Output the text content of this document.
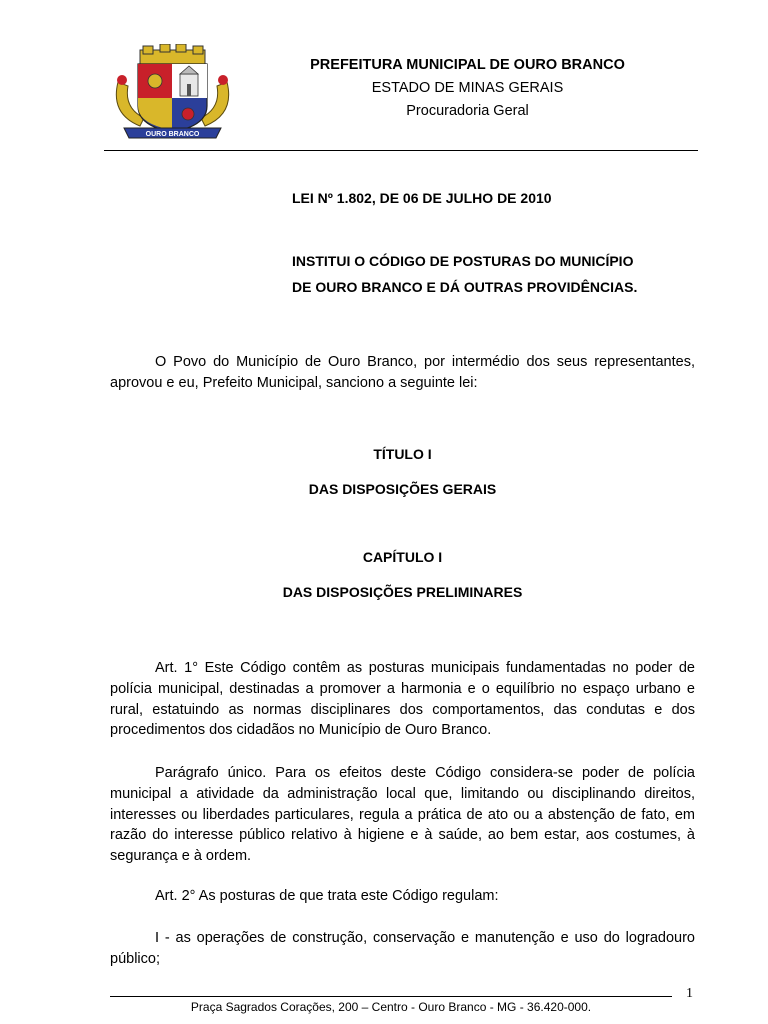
OURO BRANCO
PREFEITURA MUNICIPAL DE OURO BRANCO
ESTADO DE MINAS GERAIS
Procuradoria Geral
LEI Nº 1.802, DE 06 DE JULHO DE 2010
INSTITUI O CÓDIGO DE POSTURAS DO MUNICÍPIO
DE OURO BRANCO E DÁ OUTRAS PROVIDÊNCIAS.
O Povo do Município de Ouro Branco, por intermédio dos seus representantes, aprovou e eu, Prefeito Municipal, sanciono a seguinte lei:
TÍTULO I
DAS DISPOSIÇÕES GERAIS
CAPÍTULO I
DAS DISPOSIÇÕES PRELIMINARES
Art. 1° Este Código contêm as posturas municipais fundamentadas no poder de polícia municipal, destinadas a promover a harmonia e o equilíbrio no espaço urbano e rural, estatuindo as normas disciplinares dos comportamentos, das condutas e dos procedimentos dos cidadãos no Município de Ouro Branco.
Parágrafo único. Para os efeitos deste Código considera-se poder de polícia municipal a atividade da administração local que, limitando ou disciplinando direitos, interesses ou liberdades particulares, regula a prática de ato ou a abstenção de fato, em razão do interesse público relativo à higiene e à saúde, ao bem estar, aos costumes, à segurança e à ordem.
Art. 2° As posturas de que trata este Código regulam:
I - as operações de construção, conservação e manutenção e uso do logradouro público;
1
Praça Sagrados Corações, 200 – Centro - Ouro Branco - MG - 36.420-000.
